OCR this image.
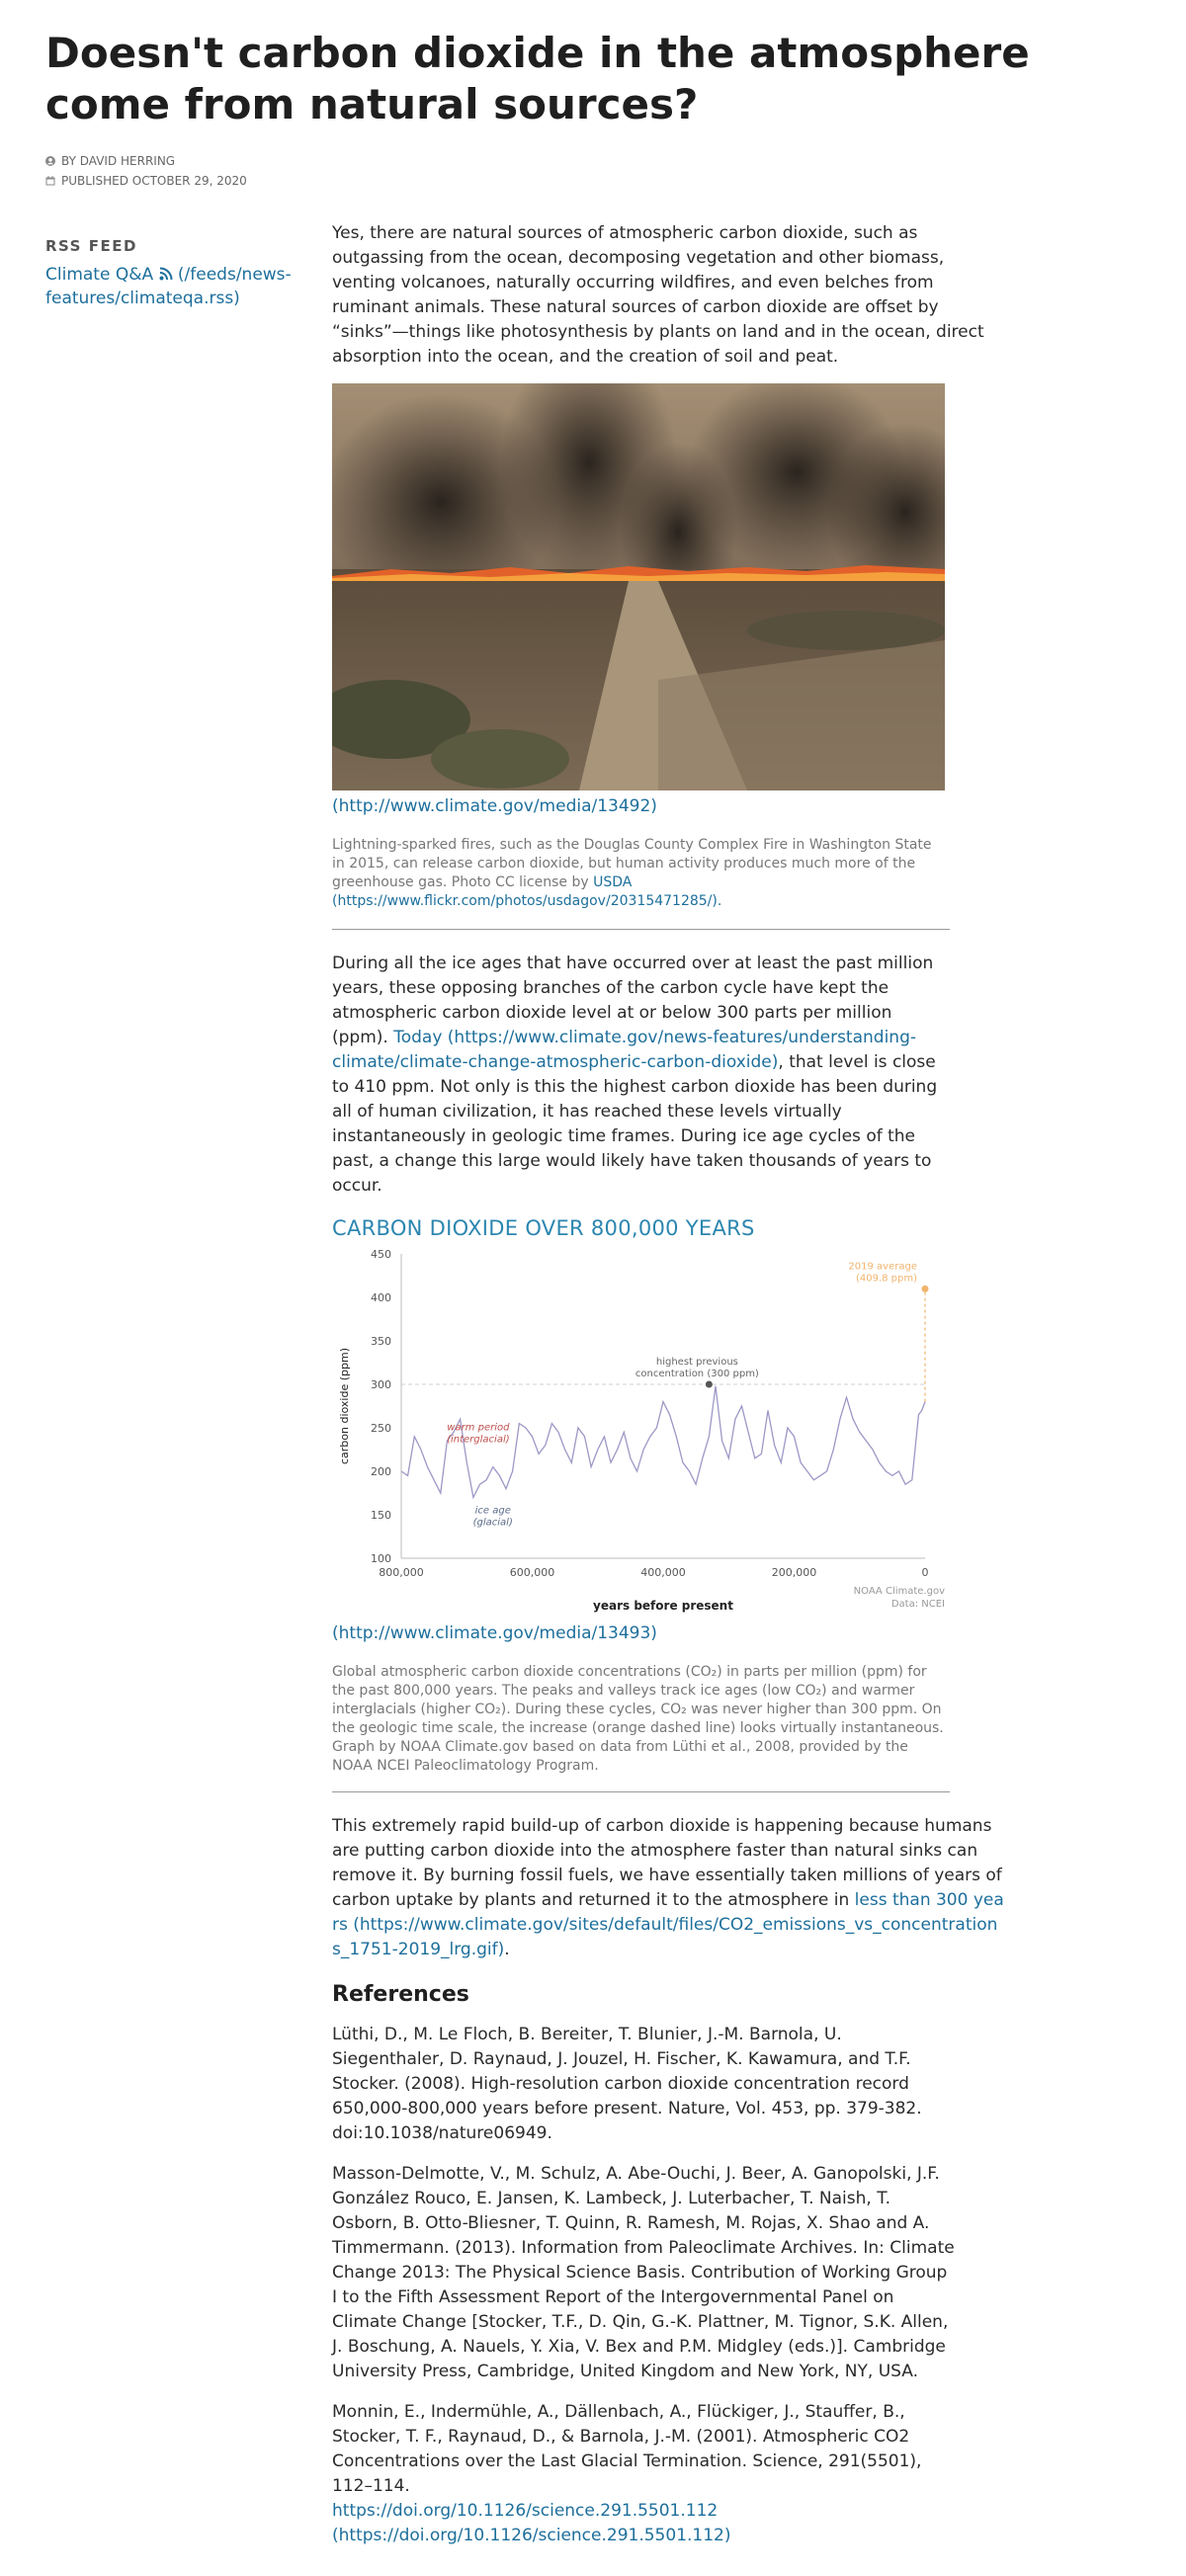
Doesn't carbon dioxide in the atmosphere come from natural sources?
BY DAVID HERRING
PUBLISHED OCTOBER 29, 2020
RSS FEED
Climate Q&A (/feeds/news-features/climateqa.rss)

Yes, there are natural sources of atmospheric carbon dioxide, such as outgassing from the ocean, decomposing vegetation and other biomass, venting volcanoes, naturally occurring wildfires, and even belches from ruminant animals. These natural sources of carbon dioxide are offset by “sinks”—things like photosynthesis by plants on land and in the ocean, direct absorption into the ocean, and the creation of soil and peat.

(http://www.climate.gov/media/13492)

Lightning-sparked fires, such as the Douglas County Complex Fire in Washington State in 2015, can release carbon dioxide, but human activity produces much more of the greenhouse gas. Photo CC license by USDA
(https://www.flickr.com/photos/usdagov/20315471285/).

During all the ice ages that have occurred over at least the past million years, these opposing branches of the carbon cycle have kept the atmospheric carbon dioxide level at or below 300 parts per million (ppm). Today (https://www.climate.gov/news-features/understanding-climate/climate-change-atmospheric-carbon-dioxide), that level is close to 410 ppm. Not only is this the highest carbon dioxide has been during all of human civilization, it has reached these levels virtually instantaneously in geologic time frames. During ice age cycles of the past, a change this large would likely have taken thousands of years to occur.

CARBON DIOXIDE OVER 800,000 YEARS
100
150
200
250
300
350
400
450
800,000	600,000	400,000	200,000	0
years before present
carbon dioxide (ppm)
NOAA Climate.gov
Data: NCEI
2019 average
(409.8 ppm)
highest previous
concentration (300 ppm)
warm period
(interglacial)
ice age
(glacial)
(http://www.climate.gov/media/13493)

Global atmospheric carbon dioxide concentrations (CO₂) in parts per million (ppm) for the past 800,000 years. The peaks and valleys track ice ages (low CO₂) and warmer interglacials (higher CO₂). During these cycles, CO₂ was never higher than 300 ppm. On the geologic time scale, the increase (orange dashed line) looks virtually instantaneous. Graph by NOAA Climate.gov based on data from Lüthi et al., 2008, provided by the NOAA NCEI Paleoclimatology Program.

This extremely rapid build-up of carbon dioxide is happening because humans are putting carbon dioxide into the atmosphere faster than natural sinks can remove it. By burning fossil fuels, we have essentially taken millions of years of carbon uptake by plants and returned it to the atmosphere in less than 300 years (https://www.climate.gov/sites/default/files/CO2_emissions_vs_concentrations_1751-2019_lrg.gif).

References

Lüthi, D., M. Le Floch, B. Bereiter, T. Blunier, J.-M. Barnola, U. Siegenthaler, D. Raynaud, J. Jouzel, H. Fischer, K. Kawamura, and T.F. Stocker. (2008). High-resolution carbon dioxide concentration record 650,000-800,000 years before present. Nature, Vol. 453, pp. 379-382. doi:10.1038/nature06949.

Masson-Delmotte, V., M. Schulz, A. Abe-Ouchi, J. Beer, A. Ganopolski, J.F. González Rouco, E. Jansen, K. Lambeck, J. Luterbacher, T. Naish, T. Osborn, B. Otto-Bliesner, T. Quinn, R. Ramesh, M. Rojas, X. Shao and A. Timmermann. (2013). Information from Paleoclimate Archives. In: Climate Change 2013: The Physical Science Basis. Contribution of Working Group I to the Fifth Assessment Report of the Intergovernmental Panel on Climate Change [Stocker, T.F., D. Qin, G.-K. Plattner, M. Tignor, S.K. Allen, J. Boschung, A. Nauels, Y. Xia, V. Bex and P.M. Midgley (eds.)]. Cambridge University Press, Cambridge, United Kingdom and New York, NY, USA.

Monnin, E., Indermühle, A., Dällenbach, A., Flückiger, J., Stauffer, B., Stocker, T. F., Raynaud, D., & Barnola, J.-M. (2001). Atmospheric CO2 Concentrations over the Last Glacial Termination. Science, 291(5501), 112–114.
https://doi.org/10.1126/science.291.5501.112
(https://doi.org/10.1126/science.291.5501.112)
